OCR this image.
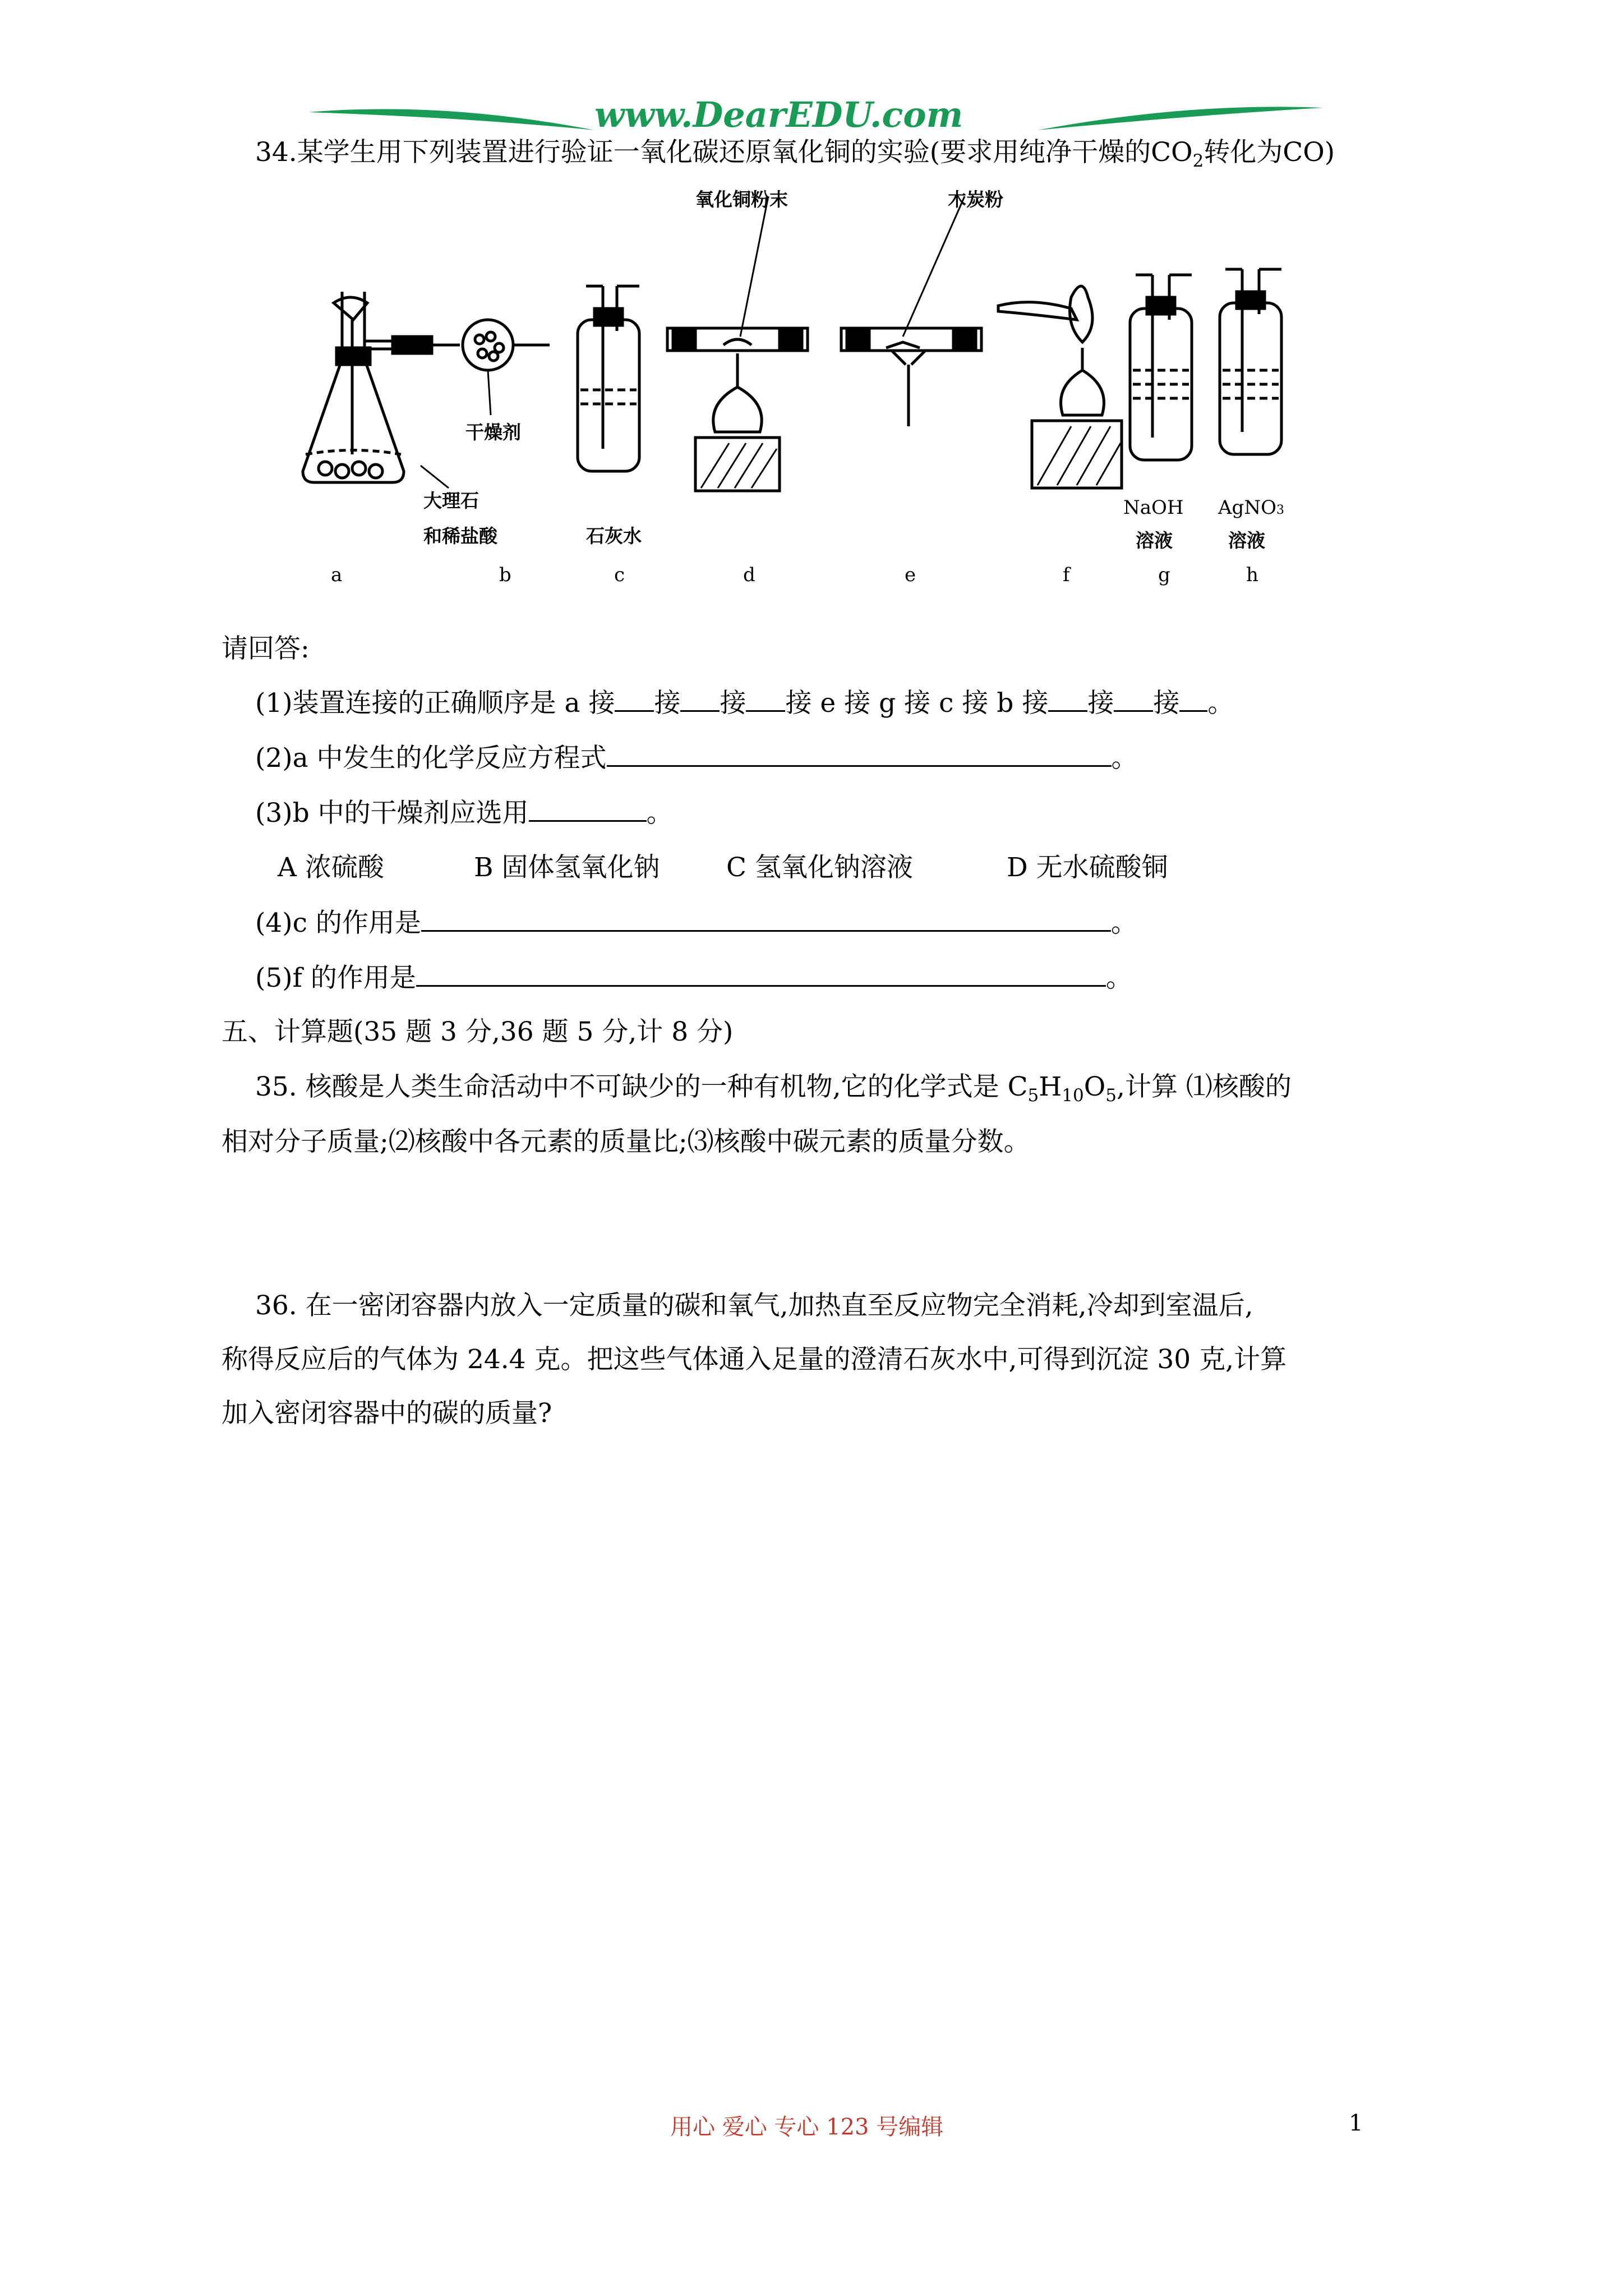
www.DearEDU.com
34.某学生用下列装置进行验证一氧化碳还原氧化铜的实验(要求用纯净干燥的$CO_2$转化为CO)
氧化铜粉末	木炭粉
干燥剂
大理石
和稀盐酸	石灰水
NaOH
溶液
AgNO3
溶液
a	b	c	d	e	f	g	h
请回答:
(1)装置连接的正确顺序是 a 接 接 接 接 e 接 g 接 c 接 b 接 接 接 。
(2)a 中发生的化学反应方程式	。
(3)b 中的干燥剂应选用	。
A 浓硫酸	B 固体氢氧化钠	C 氢氧化钠溶液	D 无水硫酸铜
(4)c 的作用是	。
(5)f 的作用是	。
五、计算题(35 题 3 分,36 题 5 分,计 8 分)
35. 核酸是人类生命活动中不可缺少的一种有机物,它的化学式是 $C_5H_{10}O_5$,计算 ⑴核酸的
相对分子质量;⑵核酸中各元素的质量比;⑶核酸中碳元素的质量分数。
36. 在一密闭容器内放入一定质量的碳和氧气,加热直至反应物完全消耗,冷却到室温后,
称得反应后的气体为 24.4 克。把这些气体通入足量的澄清石灰水中,可得到沉淀 30 克,计算
加入密闭容器中的碳的质量?
用心 爱心 专心 123 号编辑	1
